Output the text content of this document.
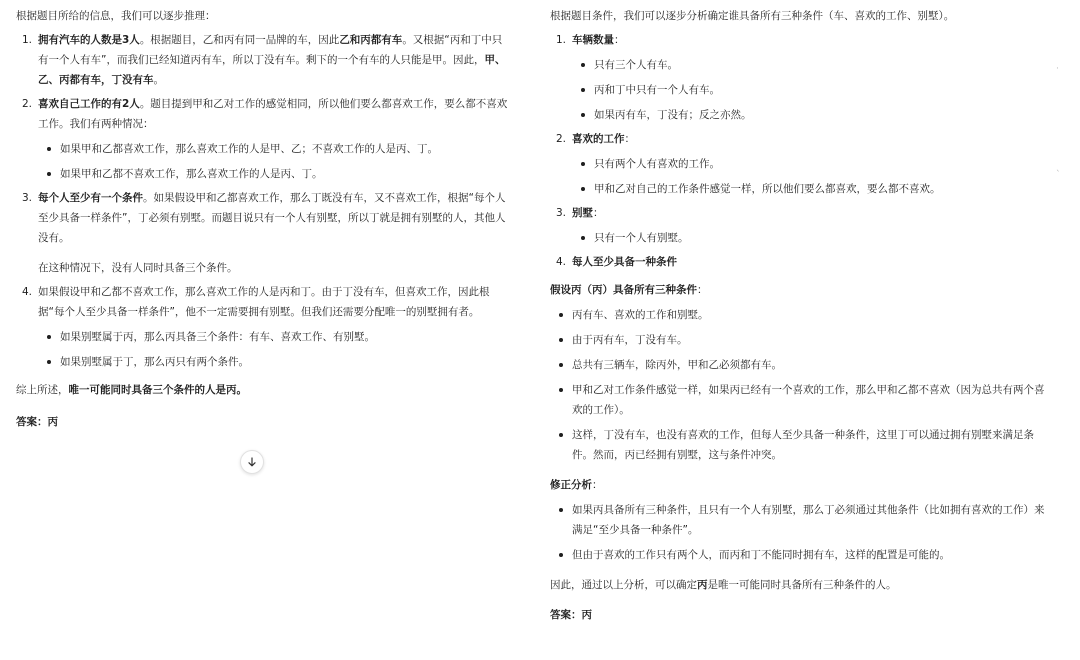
根据题目所给的信息，我们可以逐步推理：

1. 拥有汽车的人数是3人。根据题目，乙和丙有同一品牌的车，因此乙和丙都有车。又根据“丙和丁中只有一个人有车”，而我们已经知道丙有车，所以丁没有车。剩下的一个有车的人只能是甲。因此，甲、乙、丙都有车，丁没有车。
2. 喜欢自己工作的有2人。题目提到甲和乙对工作的感觉相同，所以他们要么都喜欢工作，要么都不喜欢工作。我们有两种情况：
如果甲和乙都喜欢工作，那么喜欢工作的人是甲、乙；不喜欢工作的人是丙、丁。
如果甲和乙都不喜欢工作，那么喜欢工作的人是丙、丁。
3. 每个人至少有一个条件。如果假设甲和乙都喜欢工作，那么丁既没有车，又不喜欢工作，根据“每个人至少具备一样条件”，丁必须有别墅。而题目说只有一个人有别墅，所以丁就是拥有别墅的人，其他人没有。

在这种情况下，没有人同时具备三个条件。

4. 如果假设甲和乙都不喜欢工作，那么喜欢工作的人是丙和丁。由于丁没有车，但喜欢工作，因此根据“每个人至少具备一样条件”，他不一定需要拥有别墅。但我们还需要分配唯一的别墅拥有者。
如果别墅属于丙，那么丙具备三个条件：有车、喜欢工作、有别墅。
如果别墅属于丁，那么丙只有两个条件。

综上所述，唯一可能同时具备三个条件的人是丙。

答案：丙

根据题目条件，我们可以逐步分析确定谁具备所有三种条件（车、喜欢的工作、别墅）。

1. 车辆数量：
只有三个人有车。
丙和丁中只有一个人有车。
如果丙有车，丁没有；反之亦然。
2. 喜欢的工作：
只有两个人有喜欢的工作。
甲和乙对自己的工作条件感觉一样，所以他们要么都喜欢，要么都不喜欢。
3. 别墅：
只有一个人有别墅。
4. 每人至少具备一种条件

假设丙（丙）具备所有三种条件：

丙有车、喜欢的工作和别墅。
由于丙有车，丁没有车。
总共有三辆车，除丙外，甲和乙必须都有车。
甲和乙对工作条件感觉一样，如果丙已经有一个喜欢的工作，那么甲和乙都不喜欢（因为总共有两个喜欢的工作）。
这样，丁没有车，也没有喜欢的工作，但每人至少具备一种条件，这里丁可以通过拥有别墅来满足条件。然而，丙已经拥有别墅，这与条件冲突。

修正分析：

如果丙具备所有三种条件，且只有一个人有别墅，那么丁必须通过其他条件（比如拥有喜欢的工作）来满足“至少具备一种条件”。
但由于喜欢的工作只有两个人，而丙和丁不能同时拥有车，这样的配置是可能的。

因此，通过以上分析，可以确定丙是唯一可能同时具备所有三种条件的人。

答案：丙

·
`
